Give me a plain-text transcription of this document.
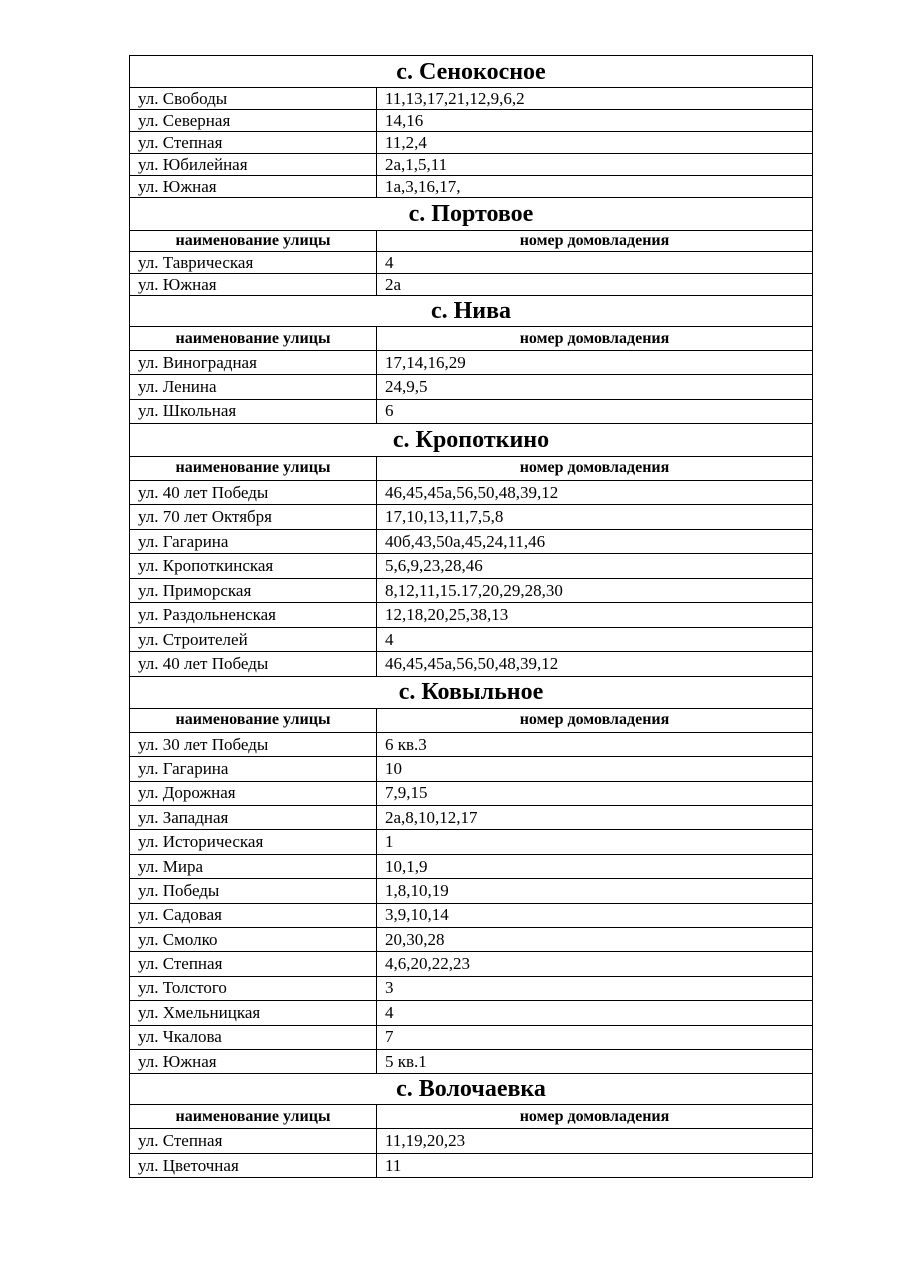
с. Сенокосное	
ул. Свободы	11,13,17,21,12,9,6,2
ул. Северная	14,16
ул. Степная	11,2,4
ул. Юбилейная	2а,1,5,11
ул. Южная	1а,3,16,17,
с. Портовое	
наименование улицы	номер домовладения
ул. Таврическая	4
ул. Южная	2а
с. Нива	
наименование улицы	номер домовладения
ул. Виноградная	17,14,16,29
ул. Ленина	24,9,5
ул. Школьная	6
с. Кропоткино	
наименование улицы	номер домовладения
ул. 40 лет Победы	46,45,45а,56,50,48,39,12
ул. 70 лет Октября	17,10,13,11,7,5,8
ул. Гагарина	40б,43,50а,45,24,11,46
ул. Кропоткинская	5,6,9,23,28,46
ул. Приморская	8,12,11,15.17,20,29,28,30
ул. Раздольненская	12,18,20,25,38,13
ул. Строителей	4
ул. 40 лет Победы	46,45,45а,56,50,48,39,12
с. Ковыльное	
наименование улицы	номер домовладения
ул. 30 лет Победы	6 кв.3
ул. Гагарина	10
ул. Дорожная	7,9,15
ул. Западная	2а,8,10,12,17
ул. Историческая	1
ул. Мира	10,1,9
ул. Победы	1,8,10,19
ул. Садовая	3,9,10,14
ул. Смолко	20,30,28
ул. Степная	4,6,20,22,23
ул. Толстого	3
ул. Хмельницкая	4
ул. Чкалова	7
ул. Южная	5 кв.1
с. Волочаевка	
наименование улицы	номер домовладения
ул. Степная	11,19,20,23
ул. Цветочная	11
